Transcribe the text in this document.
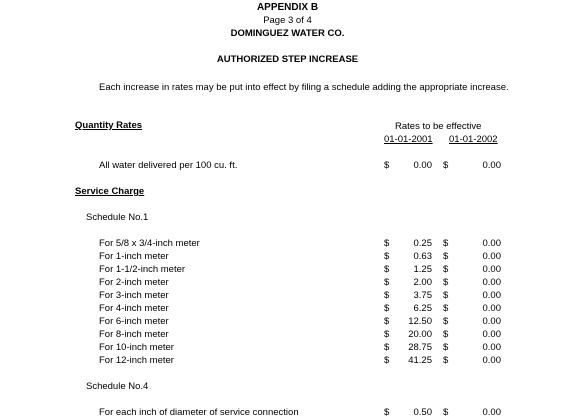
APPENDIX B
Page 3 of 4
DOMINGUEZ WATER CO.
AUTHORIZED STEP INCREASE
Each increase in rates may be put into effect by filing a schedule adding the appropriate increase.
Quantity Rates	Rates to be effective
01-01-2001 01-01-2002
All water delivered per 100 cu. ft.	$	0.00 $	0.00
Service Charge
Schedule No.1
For 5/8 x 3/4-inch meter	$	0.25 $	0.00
For 1-inch meter	$	0.63 $	0.00
For 1-1/2-inch meter	$	1.25 $	0.00
For 2-inch meter	$	2.00 $	0.00
For 3-inch meter	$	3.75 $	0.00
For 4-inch meter	$	6.25 $	0.00
For 6-inch meter	$	12.50 $	0.00
For 8-inch meter	$	20.00 $	0.00
For 10-inch meter	$	28.75 $	0.00
For 12-inch meter	$	41.25 $	0.00
Schedule No.4
For each inch of diameter of service connection	$	0.50 $	0.00
